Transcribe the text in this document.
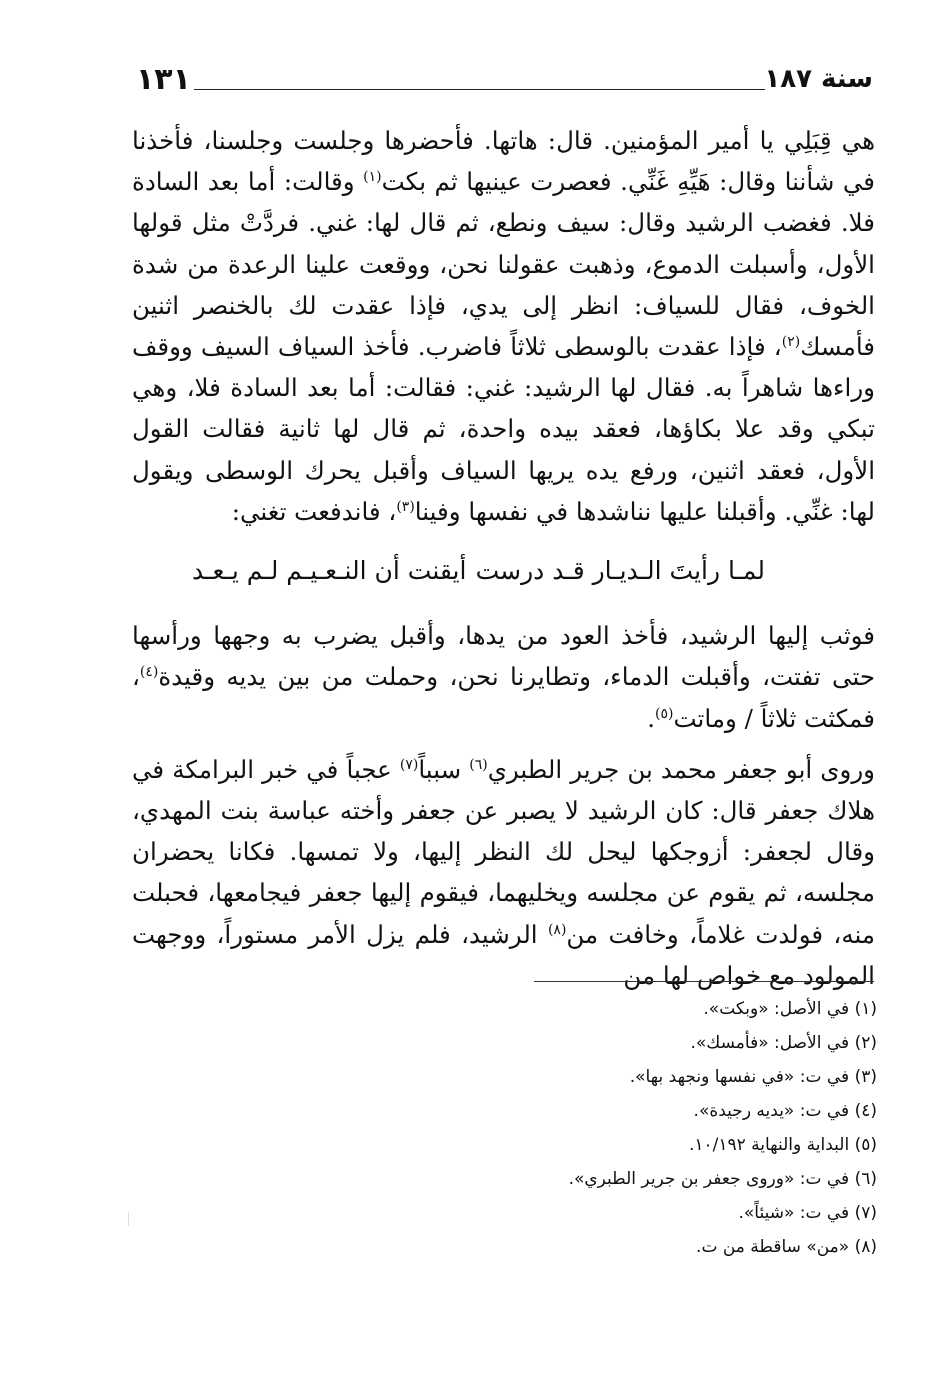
سنة ١٨٧
١٣١

هي قِبَلِي يا أمير المؤمنين. قال: هاتها. فأحضرها وجلست وجلسنا، فأخذنا في شأننا وقال: هَيِّهِ غَنِّي. فعصرت عينيها ثم بكت$^{(١)}$ وقالت: أما بعد السادة فلا. فغضب الرشيد وقال: سيف ونطع، ثم قال لها: غني. فردَّتْ مثل قولها الأول، وأسبلت الدموع، وذهبت عقولنا نحن، ووقعت علينا الرعدة من شدة الخوف، فقال للسياف: انظر إلى يدي، فإذا عقدت لك بالخنصر اثنين فأمسك$^{(٢)}$، فإذا عقدت بالوسطى ثلاثاً فاضرب. فأخذ السياف السيف ووقف وراءها شاهراً به. فقال لها الرشيد: غني: فقالت: أما بعد السادة فلا، وهي تبكي وقد علا بكاؤها، فعقد بيده واحدة، ثم قال لها ثانية فقالت القول الأول، فعقد اثنين، ورفع يده يريها السياف وأقبل يحرك الوسطى ويقول لها: غنِّي. وأقبلنا عليها نناشدها في نفسها وفينا$^{(٣)}$، فاندفعت تغني:

لمـا رأيتَ الـديـار قـد درست
أيقنت أن النـعـيـم لـم يـعـد

فوثب إليها الرشيد، فأخذ العود من يدها، وأقبل يضرب به وجهها ورأسها حتى تفتت، وأقبلت الدماء، وتطايرنا نحن، وحملت من بين يديه وقيدة$^{(٤)}$، فمكثت ثلاثاً / وماتت$^{(٥)}$.

وروى أبو جعفر محمد بن جرير الطبري$^{(٦)}$ سبباً$^{(٧)}$ عجباً في خبر البرامكة في هلاك جعفر قال: كان الرشيد لا يصبر عن جعفر وأخته عباسة بنت المهدي، وقال لجعفر: أزوجكها ليحل لك النظر إليها، ولا تمسها. فكانا يحضران مجلسه، ثم يقوم عن مجلسه ويخليهما، فيقوم إليها جعفر فيجامعها، فحبلت منه، فولدت غلاماً، وخافت من$^{(٨)}$ الرشيد، فلم يزل الأمر مستوراً، ووجهت المولود مع خواص لها من

(١) في الأصل: «وبكت».

(٢) في الأصل: «فأمسك».

(٣) في ت: «في نفسها ونجهد بها».

(٤) في ت: «يديه رجيدة».

(٥) البداية والنهاية ١٠/١٩٢.

(٦) في ت: «وروى جعفر بن جرير الطبري».

(٧) في ت: «شيئاً».

(٨) «من» ساقطة من ت.
